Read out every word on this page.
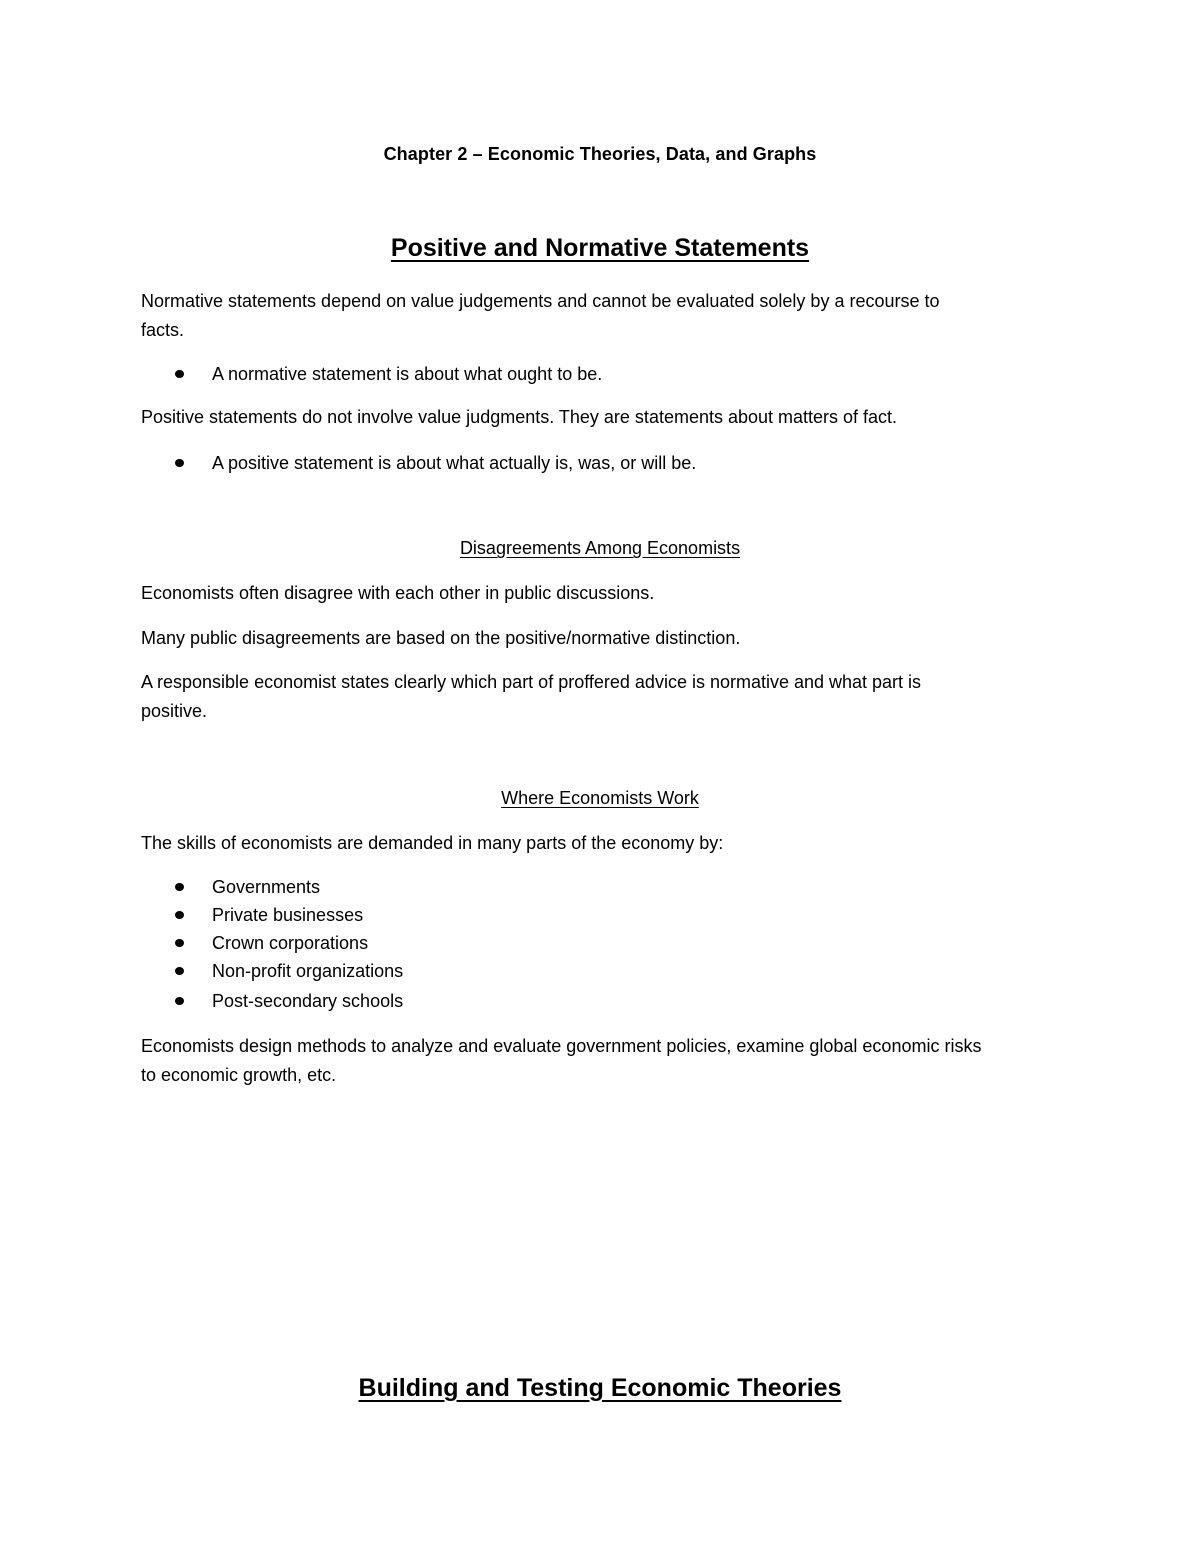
Chapter 2 – Economic Theories, Data, and Graphs

Positive and Normative Statements

Normative statements depend on value judgements and cannot be evaluated solely by a recourse to

facts.

A normative statement is about what ought to be.

Positive statements do not involve value judgments. They are statements about matters of fact.

A positive statement is about what actually is, was, or will be.

Disagreements Among Economists

Economists often disagree with each other in public discussions.

Many public disagreements are based on the positive/normative distinction.

A responsible economist states clearly which part of proffered advice is normative and what part is

positive.

Where Economists Work

The skills of economists are demanded in many parts of the economy by:

Governments
Private businesses
Crown corporations
Non-profit organizations
Post-secondary schools

Economists design methods to analyze and evaluate government policies, examine global economic risks

to economic growth, etc.

Building and Testing Economic Theories
